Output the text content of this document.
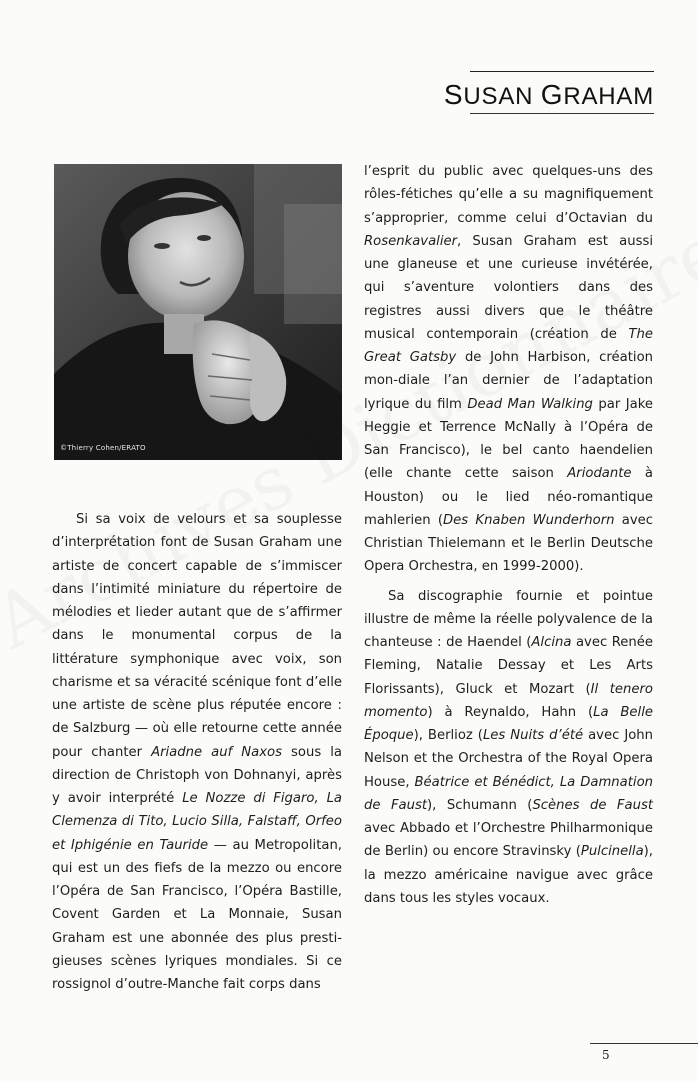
SUSAN GRAHAM
©Thierry Cohen/ERATO

Si sa voix de velours et sa souplesse d’interprétation font de Susan Graham une artiste de concert capable de s’immiscer dans l’intimité miniature du répertoire de mélodies et lieder autant que de s’affirmer dans le monumental corpus de la littérature symphonique avec voix, son charisme et sa véracité scénique font d’elle une artiste de scène plus réputée encore : de Salzburg — où elle retourne cette année pour chanter Ariadne auf Naxos sous la direction de Christoph von Dohnanyi, après y avoir interprété Le Nozze di Figaro, La Clemenza di Tito, Lucio Silla, Falstaff, Orfeo et Iphigénie en Tauride — au Metropolitan, qui est un des fiefs de la mezzo ou encore l’Opéra de San Francisco, l’Opéra Bastille, Covent Garden et La Monnaie, Susan Graham est une abonnée des plus presti-gieuses scènes lyriques mondiales. Si ce rossignol d’outre-Manche fait corps dans

l’esprit du public avec quelques-uns des rôles-fétiches qu’elle a su magnifiquement s’approprier, comme celui d’Octavian du Rosenkavalier, Susan Graham est aussi une glaneuse et une curieuse invétérée, qui s’aventure volontiers dans des registres aussi divers que le théâtre musical contemporain (création de The Great Gatsby de John Harbison, création mon-diale l’an dernier de l’adaptation lyrique du film Dead Man Walking par Jake Heggie et Terrence McNally à l’Opéra de San Francisco), le bel canto haendelien (elle chante cette saison Ariodante à Houston) ou le lied néo-romantique mahlerien (Des Knaben Wunderhorn avec Christian Thielemann et le Berlin Deutsche Opera Orchestra, en 1999-2000).

Sa discographie fournie et pointue illustre de même la réelle polyvalence de la chanteuse : de Haendel (Alcina avec Renée Fleming, Natalie Dessay et Les Arts Florissants), Gluck et Mozart (Il tenero momento) à Reynaldo, Hahn (La Belle Époque), Berlioz (Les Nuits d’été avec John Nelson et the Orchestra of the Royal Opera House, Béatrice et Bénédict, La Damnation de Faust), Schumann (Scènes de Faust avec Abbado et l’Orchestre Philharmonique de Berlin) ou encore Stravinsky (Pulcinella), la mezzo américaine navigue avec grâce dans tous les styles vocaux.

5
